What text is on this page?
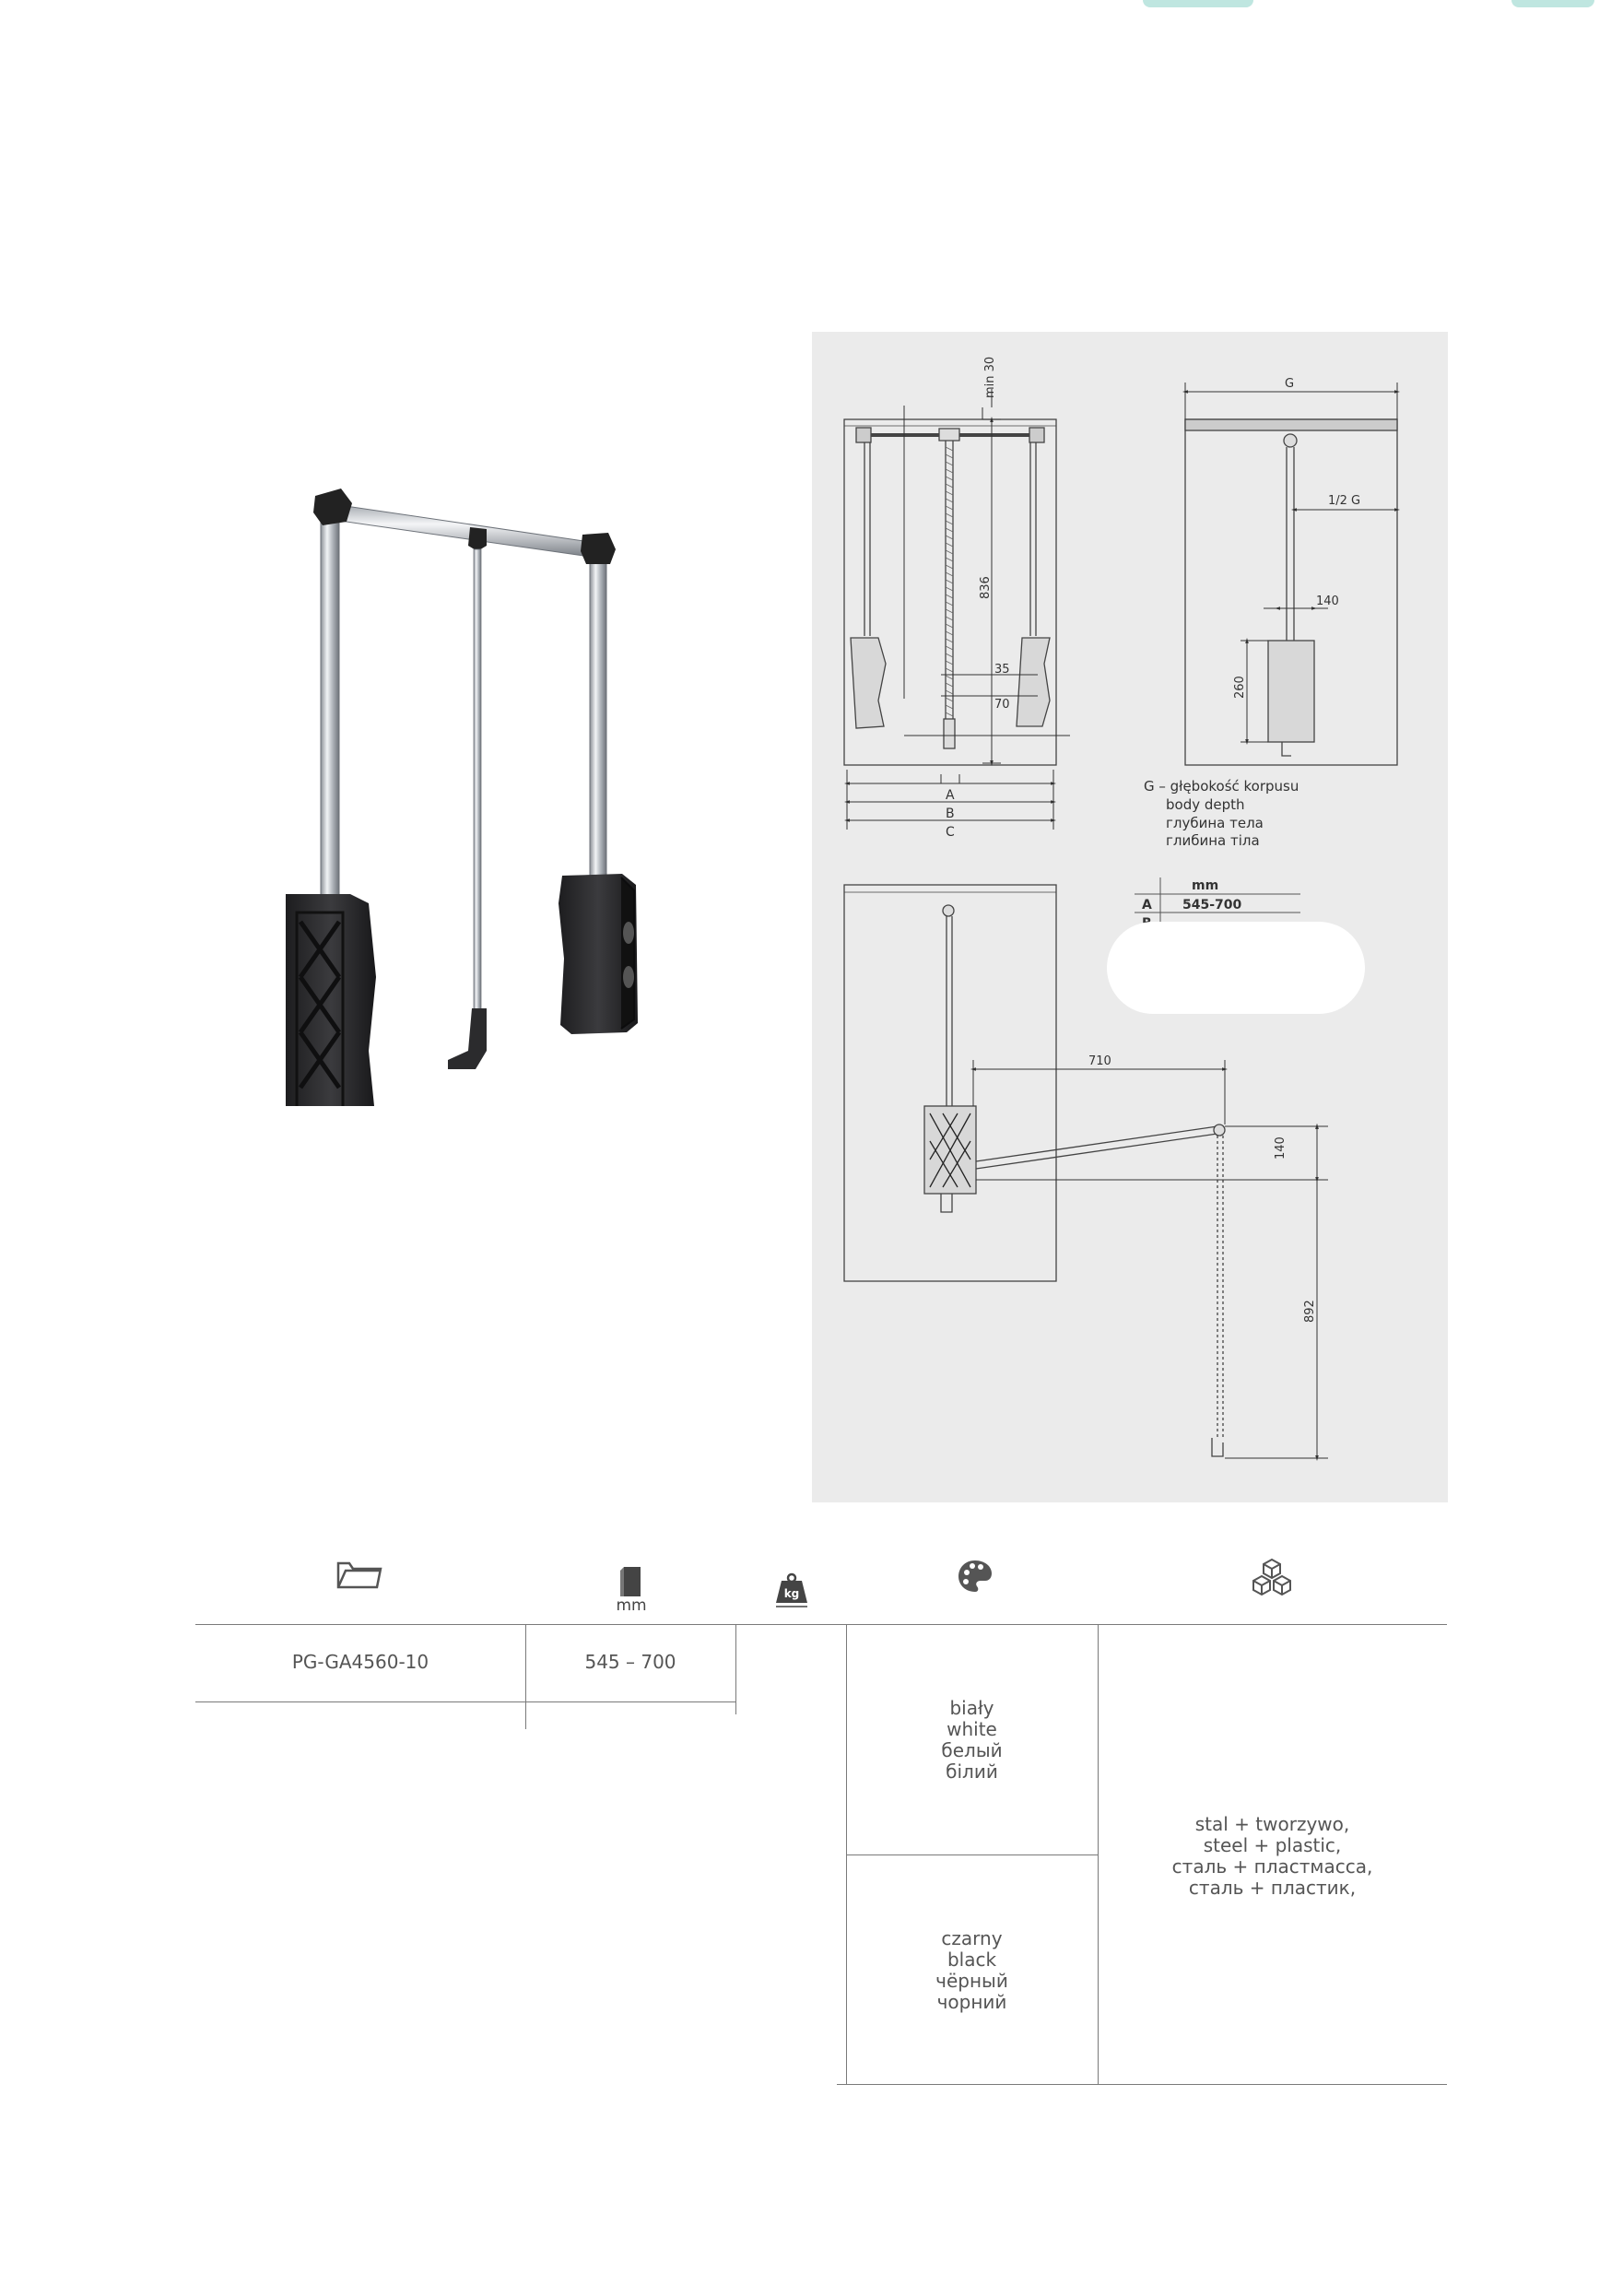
min 30
836
35
70
A
B
C
G
1/2 G
140
260
G – głębokość korpusu
body depth
глубина тела
глибина тіла
mm
A 545-700
710
140
892
mm
kg
PG-GA4560-10	545 – 700
biały
white
белый
білий
czarny
black
чёрный
чорний
stal + tworzywo,
steel + plastic,
сталь + пластмасса,
сталь + пластик,
